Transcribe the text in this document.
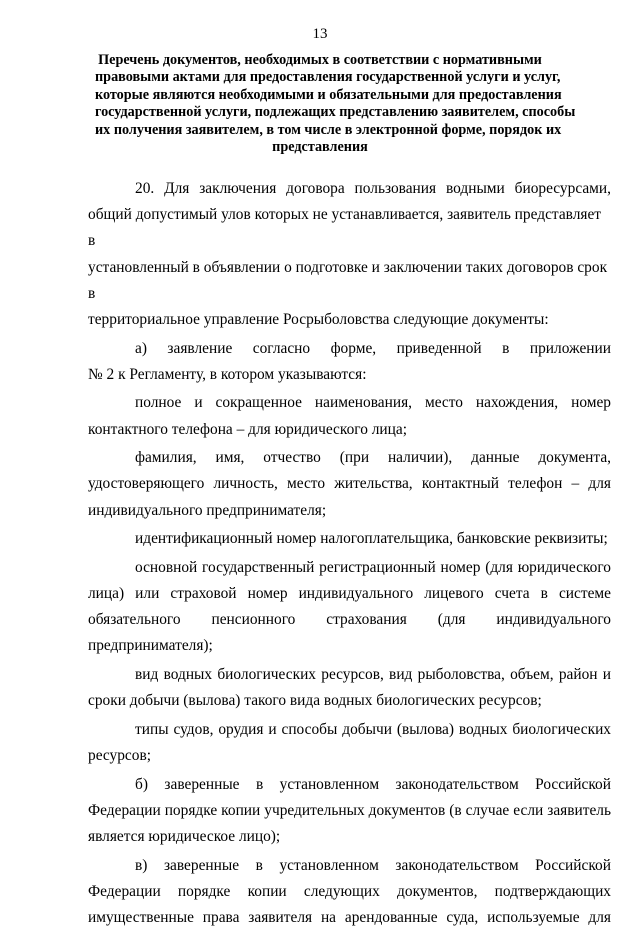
13
Перечень документов, необходимых в соответствии с нормативными
правовыми актами для предоставления государственной услуги и услуг,
которые являются необходимыми и обязательными для предоставления
государственной услуги, подлежащих представлению заявителем, способы
их получения заявителем, в том числе в электронной форме, порядок их
представления
20. Для заключения договора пользования водными биоресурсами,
общий допустимый улов которых не устанавливается, заявитель представляет в
установленный в объявлении о подготовке и заключении таких договоров срок в
территориальное управление Росрыболовства следующие документы:
а) заявление согласно форме, приведенной в приложении
№ 2 к Регламенту, в котором указываются:
полное и сокращенное наименования, место нахождения, номер
контактного телефона – для юридического лица;
фамилия, имя, отчество (при наличии), данные документа,
удостоверяющего личность, место жительства, контактный телефон – для
индивидуального предпринимателя;
идентификационный номер налогоплательщика, банковские реквизиты;
основной государственный регистрационный номер (для юридического
лица) или страховой номер индивидуального лицевого счета в системе
обязательного пенсионного страхования (для индивидуального
предпринимателя);
вид водных биологических ресурсов, вид рыболовства, объем, район и
сроки добычи (вылова) такого вида водных биологических ресурсов;
типы судов, орудия и способы добычи (вылова) водных биологических
ресурсов;
б) заверенные в установленном законодательством Российской
Федерации порядке копии учредительных документов (в случае если заявитель
является юридическое лицо);
в) заверенные в установленном законодательством Российской
Федерации порядке копии следующих документов, подтверждающих
имущественные права заявителя на арендованные суда, используемые для
